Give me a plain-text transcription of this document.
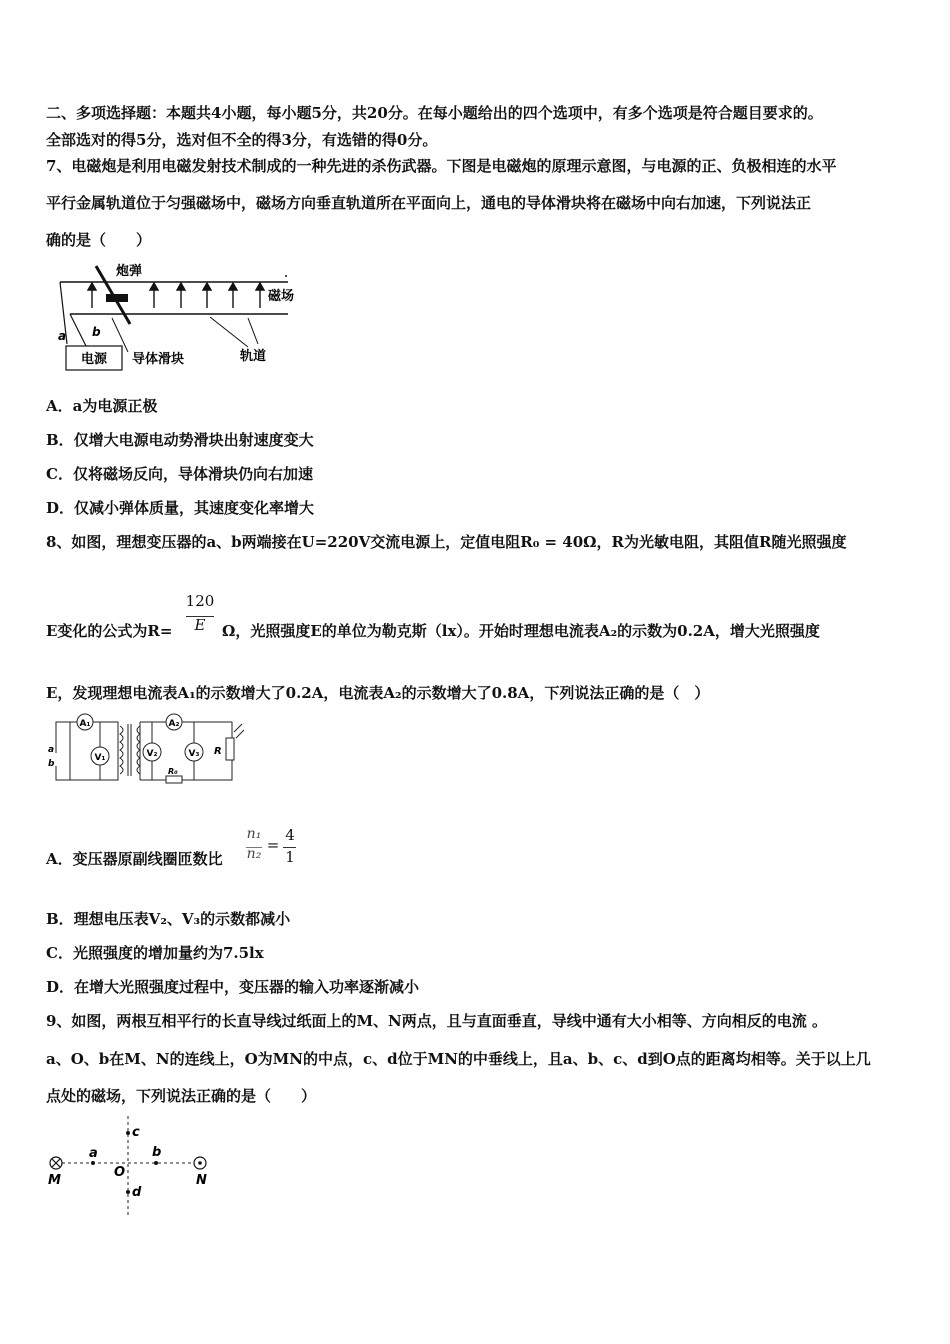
二、多项选择题：本题共4小题，每小题5分，共20分。在每小题给出的四个选项中，有多个选项是符合题目要求的。
全部选对的得5分，选对但不全的得3分，有选错的得0分。
7、电磁炮是利用电磁发射技术制成的一种先进的杀伤武器。下图是电磁炮的原理示意图，与电源的正、负极相连的水平
平行金属轨道位于匀强磁场中，磁场方向垂直轨道所在平面向上，通电的导体滑块将在磁场中向右加速，下列说法正
确的是（　　）
电源
a b
炮弹
导体滑块
磁场
轨道
A．a为电源正极
B．仅增大电源电动势滑块出射速度变大
C．仅将磁场反向，导体滑块仍向右加速
D．仅减小弹体质量，其速度变化率增大
8、如图，理想变压器的a、b两端接在U=220V交流电源上，定值电阻R₀ = 40Ω，R为光敏电阻，其阻值R随光照强度
E变化的公式为R=
120
E	Ω，光照强度E的单位为勒克斯（lx）。开始时理想电流表A₂的示数为0.2A，增大光照强度
E，发现理想电流表A₁的示数增大了0.2A，电流表A₂的示数增大了0.8A，下列说法正确的是（　）
A₁	A₂
V₁	V₂	V₃ R
R₀
a
b
A．变压器原副线圈匝数比
n₁
n₂ =
4
1
B．理想电压表V₂、V₃的示数都减小
C．光照强度的增加量约为7.5lx
D．在增大光照强度过程中，变压器的输入功率逐渐减小
9、如图，两根互相平行的长直导线过纸面上的M、N两点，且与直面垂直，导线中通有大小相等、方向相反的电流 。
a、O、b在M、N的连线上，O为MN的中点，c、d位于MN的中垂线上，且a、b、c、d到O点的距离均相等。关于以上几
点处的磁场，下列说法正确的是（　　）
M	N
O
a	b
c
d
